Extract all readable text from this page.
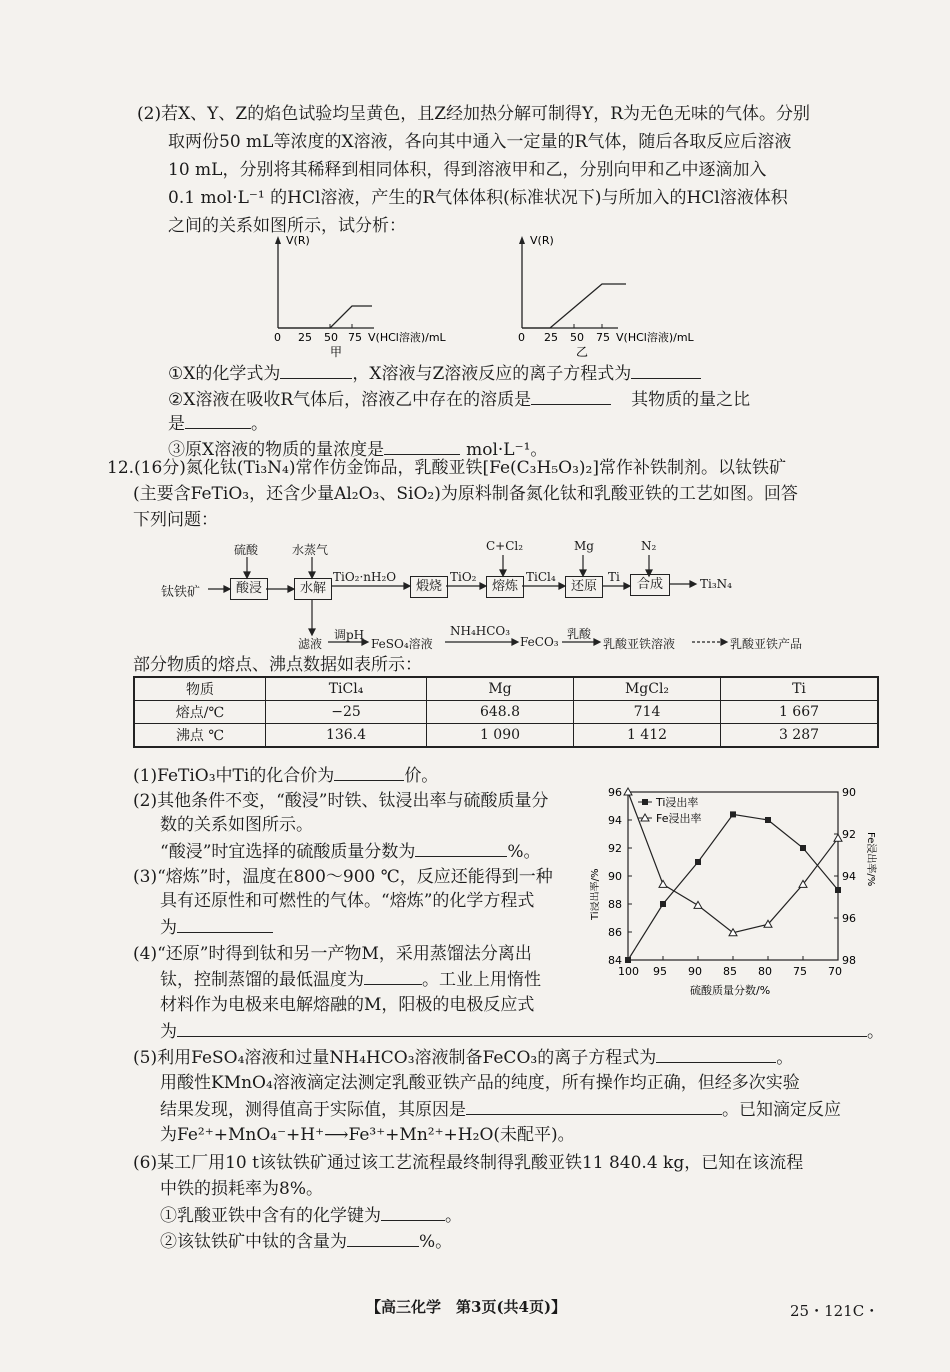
(2)若X、Y、Z的焰色试验均呈黄色，且Z经加热分解可制得Y，R为无色无味的气体。分别
取两份50 mL等浓度的X溶液，各向其中通入一定量的R气体，随后各取反应后溶液
10 mL，分别将其稀释到相同体积，得到溶液甲和乙，分别向甲和乙中逐滴加入
0.1 mol·L⁻¹ 的HCl溶液，产生的R气体体积(标准状况下)与所加入的HCl溶液体积
之间的关系如图所示，试分析：
V(R)
0 25 50 75 V(HCl溶液)/mL
甲
V(R)
0 25 50 75 V(HCl溶液)/mL
乙
①X的化学式为	，X溶液与Z溶液反应的离子方程式为
②X溶液在吸收R气体后，溶液乙中存在的溶质是	其物质的量之比
是	。
③原X溶液的物质的量浓度是	mol·L⁻¹。
12.(16分)氮化钛(Ti₃N₄)常作仿金饰品，乳酸亚铁[Fe(C₃H₅O₃)₂]常作补铁制剂。以钛铁矿
(主要含FeTiO₃，还含少量Al₂O₃、SiO₂)为原料制备氮化钛和乳酸亚铁的工艺如图。回答
下列问题：
钛铁矿	酸浸	水解	煅烧	熔炼	还原	合成	Ti₃N₄
硫酸	水蒸气	C+Cl₂	Mg	N₂
TiO₂·nH₂O	TiO₂	TiCl₄	Ti
滤液
调pH
FeSO₄溶液
NH₄HCO₃
FeCO₃
乳酸
乳酸亚铁溶液	乳酸亚铁产品
部分物质的熔点、沸点数据如表所示：
物质	TiCl₄	Mg	MgCl₂	Ti
熔点/℃	−25	648.8	714	1 667
沸点 ℃	136.4	1 090	1 412	3 287
(1)FeTiO₃中Ti的化合价为	价。
(2)其他条件不变，“酸浸”时铁、钛浸出率与硫酸质量分
数的关系如图所示。
“酸浸”时宜选择的硫酸质量分数为	%。
(3)“熔炼”时，温度在800～900 ℃，反应还能得到一种
具有还原性和可燃性的气体。“熔炼”的化学方程式
为
(4)“还原”时得到钛和另一产物M，采用蒸馏法分离出
钛，控制蒸馏的最低温度为	。工业上用惰性
材料作为电极来电解熔融的M，阳极的电极反应式
为	。
84
86
88
90
92
94
96	90
92
94
96
98
100 95 90 85 80 75 70
硫酸质量分数/%
Ti浸出率/%
Fe浸出率/%
Ti浸出率
Fe浸出率
(5)利用FeSO₄溶液和过量NH₄HCO₃溶液制备FeCO₃的离子方程式为	。
用酸性KMnO₄溶液滴定法测定乳酸亚铁产品的纯度，所有操作均正确，但经多次实验
结果发现，测得值高于实际值，其原因是	。已知滴定反应
为Fe²⁺+MnO₄⁻+H⁺⟶Fe³⁺+Mn²⁺+H₂O(未配平)。
(6)某工厂用10 t该钛铁矿通过该工艺流程最终制得乳酸亚铁11 840.4 kg，已知在该流程
中铁的损耗率为8%。
①乳酸亚铁中含有的化学键为	。
②该钛铁矿中钛的含量为	%。
【高三化学　第3页(共4页)】	25・121C・
